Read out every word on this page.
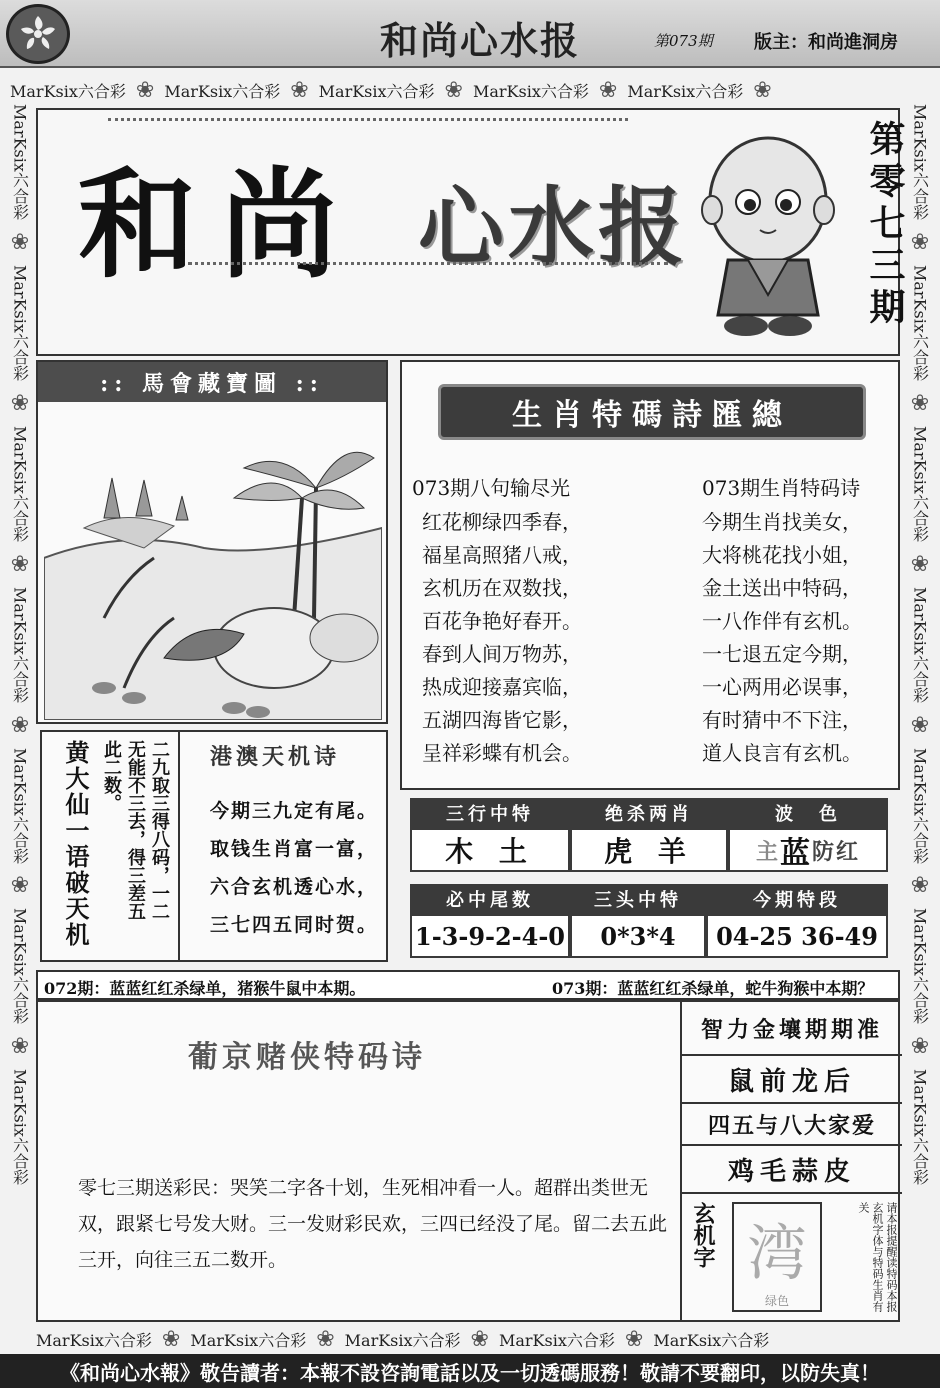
和尚心水报	第073期 版主：和尚進洞房
MarKsix六合彩 ❀ MarKsix六合彩 ❀ MarKsix六合彩 ❀ MarKsix六合彩 ❀ MarKsix六合彩 ❀
MarKsix六合彩
❀
MarKsix六合彩
❀
MarKsix六合彩
❀
MarKsix六合彩
❀
MarKsix六合彩
❀
MarKsix六合彩
❀
MarKsix六合彩
MarKsix六合彩
❀
MarKsix六合彩
❀
MarKsix六合彩
❀
MarKsix六合彩
❀
MarKsix六合彩
❀
MarKsix六合彩
❀
MarKsix六合彩
和尚 心水报	第零七三期
:: 馬會藏寶圖 ::
生肖特碼詩匯總
073期八句输尽光	073期生肖特码诗
红花柳绿四季春，
福星高照猪八戒，
玄机历在双数找，
百花争艳好春开。
春到人间万物苏，
热成迎接嘉宾临，
五湖四海皆它影，
呈祥彩蝶有机会。
今期生肖找美女，
大将桃花找小姐，
金土送出中特码，
一八作伴有玄机。
一七退五定今期，
一心两用必误事，
有时猜中不下注，
道人良言有玄机。
三行中特	绝杀两肖	波　色
木 土	虎 羊	主 蓝 防红
必中尾数	三头中特	今期特段
1-3-9-2-4-0	0*3*4	04-25 36-49
黄大仙一语破天机	二九取三得八码，一二
无能不三去，得三差五
此二数。	港澳天机诗
今期三九定有尾。
取钱生肖富一富，
六合玄机透心水，
三七四五同时贺。
072期：蓝蓝红红杀绿单，猪猴牛鼠中本期。	073期：蓝蓝红红杀绿单，蛇牛狗猴中本期？
葡京赌侠特码诗
零七三期送彩民：哭笑二字各十划，生死相冲看一人。超群出类世无双，跟紧七号发大财。三一发财彩民欢，三四已经没了尾。留二去五此三开，向往三五二数开。
智力金壤期期准
鼠前龙后
四五与八大家爱
鸡毛蒜皮
玄机字 湾
绿色	请本报提醒读特码本报玄机字体与特码生肖有关
MarKsix六合彩 ❀ MarKsix六合彩 ❀ MarKsix六合彩 ❀ MarKsix六合彩 ❀ MarKsix六合彩
《和尚心水報》敬告讀者：本報不設咨詢電話以及一切透碼服務！敬請不要翻印，以防失真！
